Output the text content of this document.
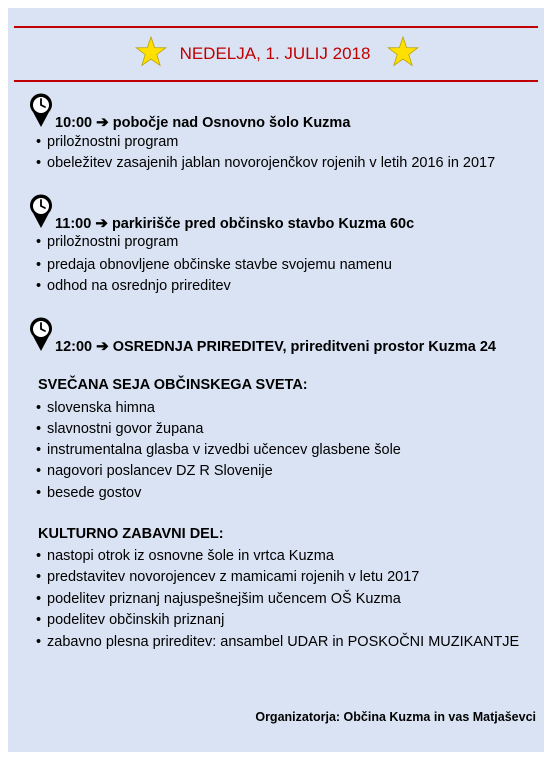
NEDELJA, 1. JULIJ 2018
10:00 ➔ pobočje nad Osnovno šolo Kuzma
• priložnostni program
• obeležitev zasajenih jablan novorojenčkov rojenih v letih 2016 in 2017
11:00 ➔ parkirišče pred občinsko stavbo Kuzma 60c
• priložnostni program
• predaja obnovljene občinske stavbe svojemu namenu
• odhod na osrednjo prireditev
12:00 ➔ OSREDNJA PRIREDITEV, prireditveni prostor Kuzma 24
SVEČANA SEJA OBČINSKEGA SVETA:
• slovenska himna
• slavnostni govor župana
• instrumentalna glasba v izvedbi učencev glasbene šole
• nagovori poslancev DZ R Slovenije
• besede gostov
KULTURNO ZABAVNI DEL:
• nastopi otrok iz osnovne šole in vrtca Kuzma
• predstavitev novorojencev z mamicami rojenih v letu 2017
• podelitev priznanj najuspešnejšim učencem OŠ Kuzma
• podelitev občinskih priznanj
• zabavno plesna prireditev: ansambel UDAR in POSKOČNI MUZIKANTJE
Organizatorja: Občina Kuzma in vas Matjaševci
